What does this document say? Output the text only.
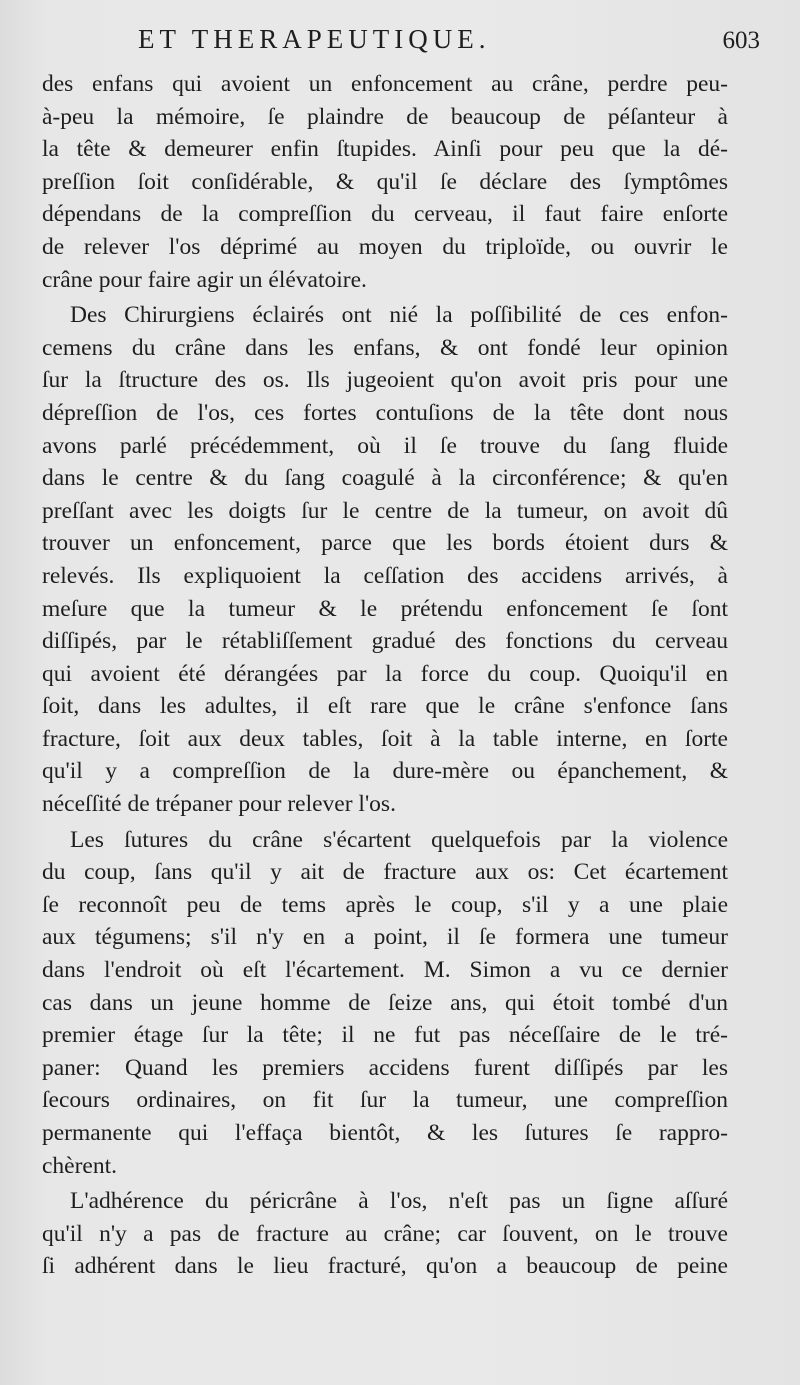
ET THERAPEUTIQUE.	603
des enfans qui avoient un enfoncement au crâne, perdre peu-
à-peu la mémoire, ſe plaindre de beaucoup de péſanteur à
la tête & demeurer enfin ſtupides. Ainſi pour peu que la dé-
preſſion ſoit conſidérable, & qu'il ſe déclare des ſymptômes
dépendans de la compreſſion du cerveau, il faut faire enſorte
de relever l'os déprimé au moyen du triploïde, ou ouvrir le
crâne pour faire agir un élévatoire.
Des Chirurgiens éclairés ont nié la poſſibilité de ces enfon-
cemens du crâne dans les enfans, & ont fondé leur opinion
ſur la ſtructure des os. Ils jugeoient qu'on avoit pris pour une
dépreſſion de l'os, ces fortes contuſions de la tête dont nous
avons parlé précédemment, où il ſe trouve du ſang fluide
dans le centre & du ſang coagulé à la circonférence; & qu'en
preſſant avec les doigts ſur le centre de la tumeur, on avoit dû
trouver un enfoncement, parce que les bords étoient durs &
relevés. Ils expliquoient la ceſſation des accidens arrivés, à
meſure que la tumeur & le prétendu enfoncement ſe ſont
diſſipés, par le rétabliſſement gradué des fonctions du cerveau
qui avoient été dérangées par la force du coup. Quoiqu'il en
ſoit, dans les adultes, il eſt rare que le crâne s'enfonce ſans
fracture, ſoit aux deux tables, ſoit à la table interne, en ſorte
qu'il y a compreſſion de la dure-mère ou épanchement, &
néceſſité de trépaner pour relever l'os.
Les ſutures du crâne s'écartent quelquefois par la violence
du coup, ſans qu'il y ait de fracture aux os: Cet écartement
ſe reconnoît peu de tems après le coup, s'il y a une plaie
aux tégumens; s'il n'y en a point, il ſe formera une tumeur
dans l'endroit où eſt l'écartement. M. Simon a vu ce dernier
cas dans un jeune homme de ſeize ans, qui étoit tombé d'un
premier étage ſur la tête; il ne fut pas néceſſaire de le tré-
paner: Quand les premiers accidens furent diſſipés par les
ſecours ordinaires, on fit ſur la tumeur, une compreſſion
permanente qui l'effaça bientôt, & les ſutures ſe rappro-
chèrent.
L'adhérence du péricrâne à l'os, n'eſt pas un ſigne aſſuré
qu'il n'y a pas de fracture au crâne; car ſouvent, on le trouve
ſi adhérent dans le lieu fracturé, qu'on a beaucoup de peine
